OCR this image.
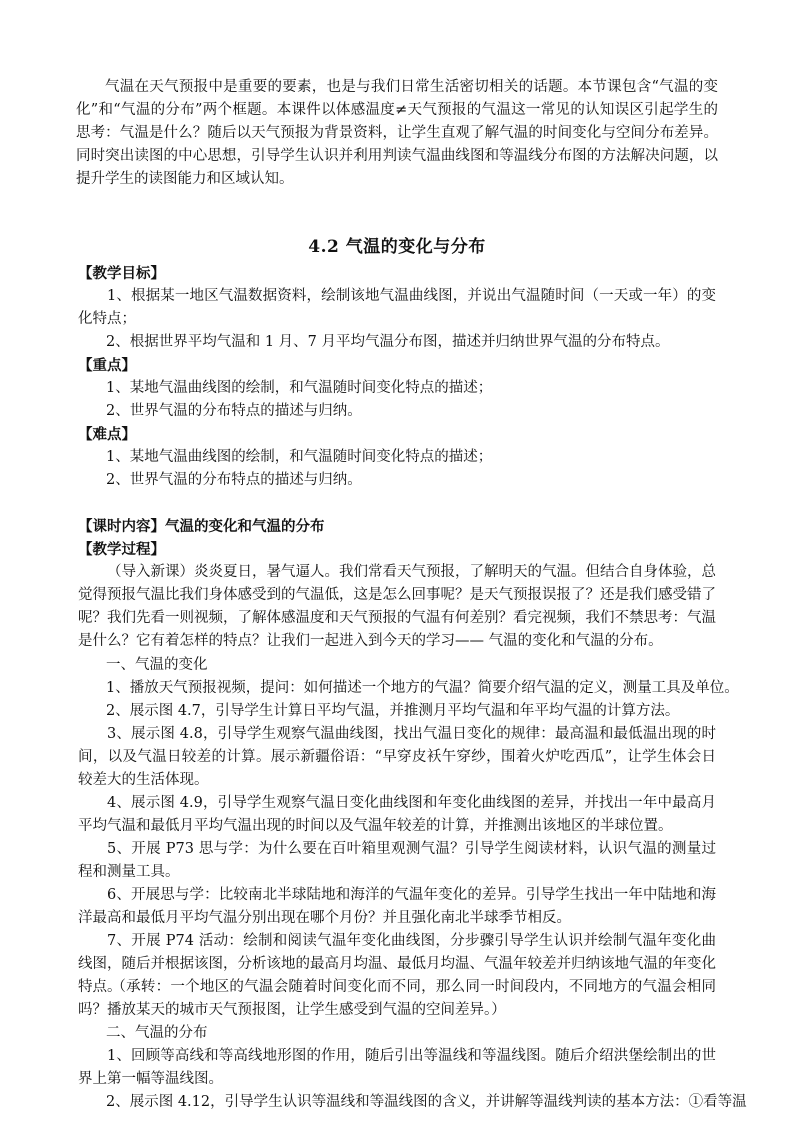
气温在天气预报中是重要的要素，也是与我们日常生活密切相关的话题。本节课包含“气温的变化”和“气温的分布”两个框题。本课件以体感温度≠天气预报的气温这一常见的认知误区引起学生的思考：气温是什么？随后以天气预报为背景资料，让学生直观了解气温的时间变化与空间分布差异。同时突出读图的中心思想，引导学生认识并利用判读气温曲线图和等温线分布图的方法解决问题，以提升学生的读图能力和区域认知。

4.2 气温的变化与分布

【教学目标】

1、根据某一地区气温数据资料，绘制该地气温曲线图，并说出气温随时间（一天或一年）的变化特点；

2、根据世界平均气温和 1 月、7 月平均气温分布图，描述并归纳世界气温的分布特点。

【重点】

1、某地气温曲线图的绘制，和气温随时间变化特点的描述；

2、世界气温的分布特点的描述与归纳。

【难点】

1、某地气温曲线图的绘制，和气温随时间变化特点的描述；

2、世界气温的分布特点的描述与归纳。

【课时内容】气温的变化和气温的分布

【教学过程】

（导入新课）炎炎夏日，暑气逼人。我们常看天气预报，了解明天的气温。但结合自身体验，总觉得预报气温比我们身体感受到的气温低，这是怎么回事呢？是天气预报误报了？还是我们感受错了呢？我们先看一则视频，了解体感温度和天气预报的气温有何差别？看完视频，我们不禁思考：气温是什么？它有着怎样的特点？让我们一起进入到今天的学习—— 气温的变化和气温的分布。

一、气温的变化

1、播放天气预报视频，提问：如何描述一个地方的气温？简要介绍气温的定义，测量工具及单位。

2、展示图 4.7，引导学生计算日平均气温，并推测月平均气温和年平均气温的计算方法。

3、展示图 4.8，引导学生观察气温曲线图，找出气温日变化的规律：最高温和最低温出现的时间，以及气温日较差的计算。展示新疆俗语：“早穿皮袄午穿纱，围着火炉吃西瓜”，让学生体会日较差大的生活体现。

4、展示图 4.9，引导学生观察气温日变化曲线图和年变化曲线图的差异，并找出一年中最高月平均气温和最低月平均气温出现的时间以及气温年较差的计算，并推测出该地区的半球位置。

5、开展 P73 思与学：为什么要在百叶箱里观测气温？引导学生阅读材料，认识气温的测量过程和测量工具。

6、开展思与学：比较南北半球陆地和海洋的气温年变化的差异。引导学生找出一年中陆地和海洋最高和最低月平均气温分别出现在哪个月份？并且强化南北半球季节相反。

7、开展 P74 活动：绘制和阅读气温年变化曲线图，分步骤引导学生认识并绘制气温年变化曲线图，随后并根据该图，分析该地的最高月均温、最低月均温、气温年较差并归纳该地气温的年变化特点。

（承转：一个地区的气温会随着时间变化而不同，那么同一时间段内，不同地方的气温会相同吗？播放某天的城市天气预报图，让学生感受到气温的空间差异。）

二、气温的分布

1、回顾等高线和等高线地形图的作用，随后引出等温线和等温线图。随后介绍洪堡绘制出的世界上第一幅等温线图。

2、展示图 4.12，引导学生认识等温线和等温线图的含义，并讲解等温线判读的基本方法：①看等温
